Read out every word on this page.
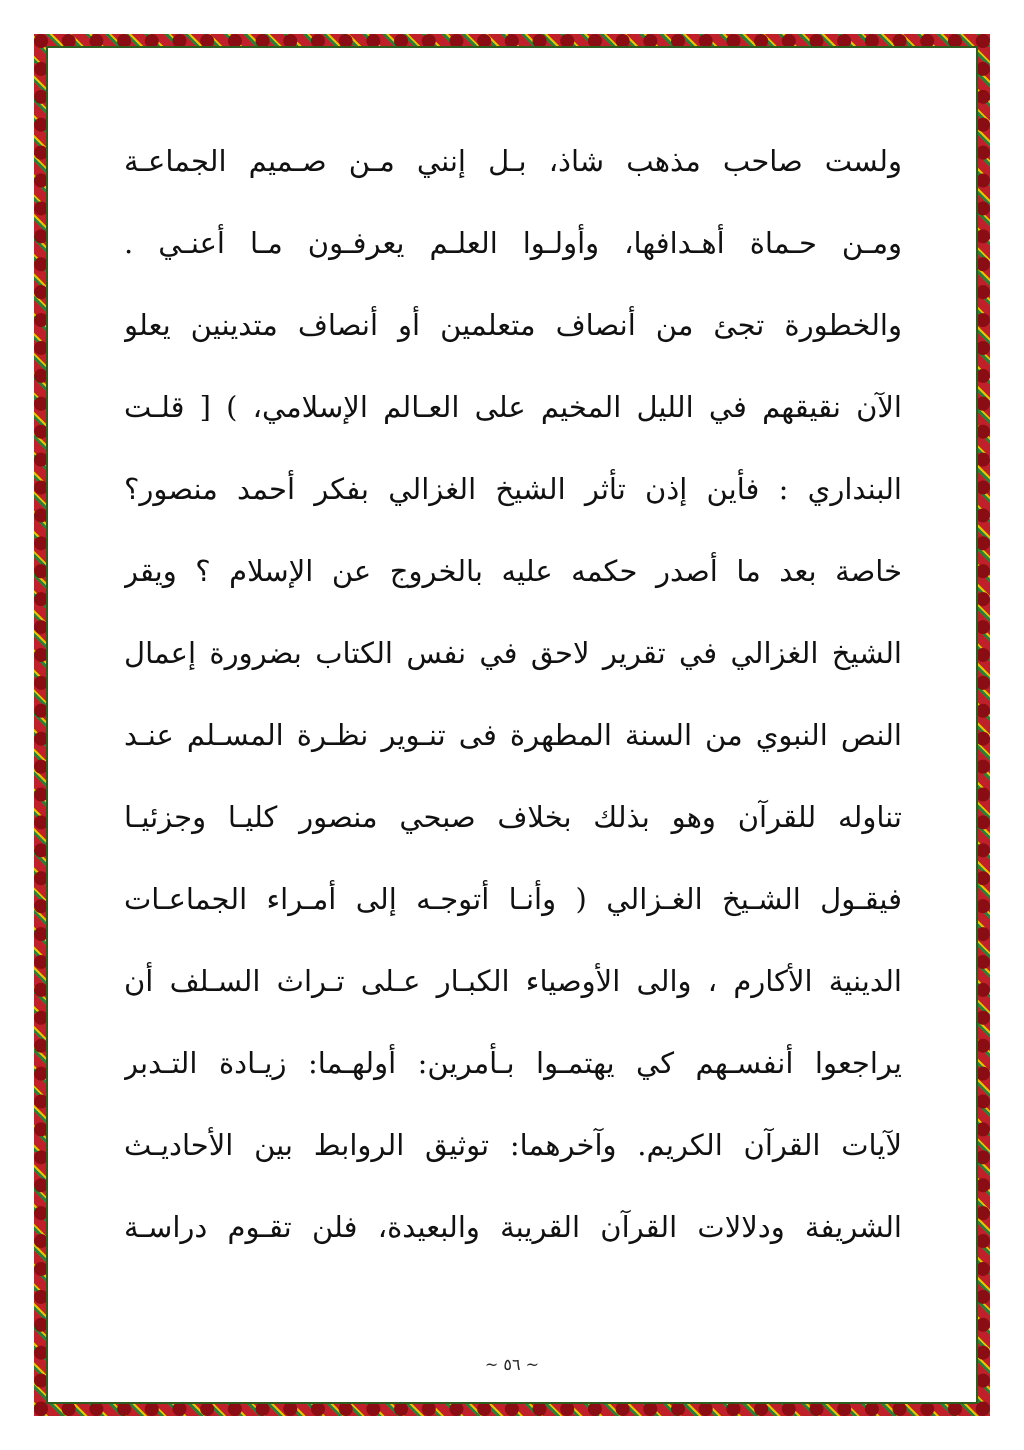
ولست صاحب مذهب شاذ، بـل إنني مـن صـميم الجماعـة
ومـن حـماة أهـدافها، وأولـوا العلـم يعرفـون مـا أعنـي .
والخطورة تجئ من أنصاف متعلمين أو أنصاف متدينين يعلو
الآن نقيقهم في الليل المخيم على العـالم الإسلامي، ) [ قلـت
البنداري : فأين إذن تأثر الشيخ الغزالي بفكر أحمد منصور؟
خاصة بعد ما أصدر حكمه عليه بالخروج عن الإسلام ؟ ويقر
الشيخ الغزالي في تقرير لاحق في نفس الكتاب بضرورة إعمال
النص النبوي من السنة المطهرة فى تنـوير نظـرة المسـلم عنـد
تناوله للقرآن وهو بذلك بخلاف صبحي منصور كليـا وجزئيـا
فيقـول الشـيخ الغـزالي ( وأنـا أتوجـه إلى أمـراء الجماعـات
الدينية الأكارم ، والى الأوصياء الكبـار عـلى تـراث السـلف أن
يراجعوا أنفسـهم كي يهتمـوا بـأمرين: أولهـما: زيـادة التـدبر
لآيات القرآن الكريم. وآخرهما: توثيق الروابط بين الأحاديـث
الشريفة ودلالات القرآن القريبة والبعيدة، فلن تقـوم دراسـة
~ ٥٦ ~
